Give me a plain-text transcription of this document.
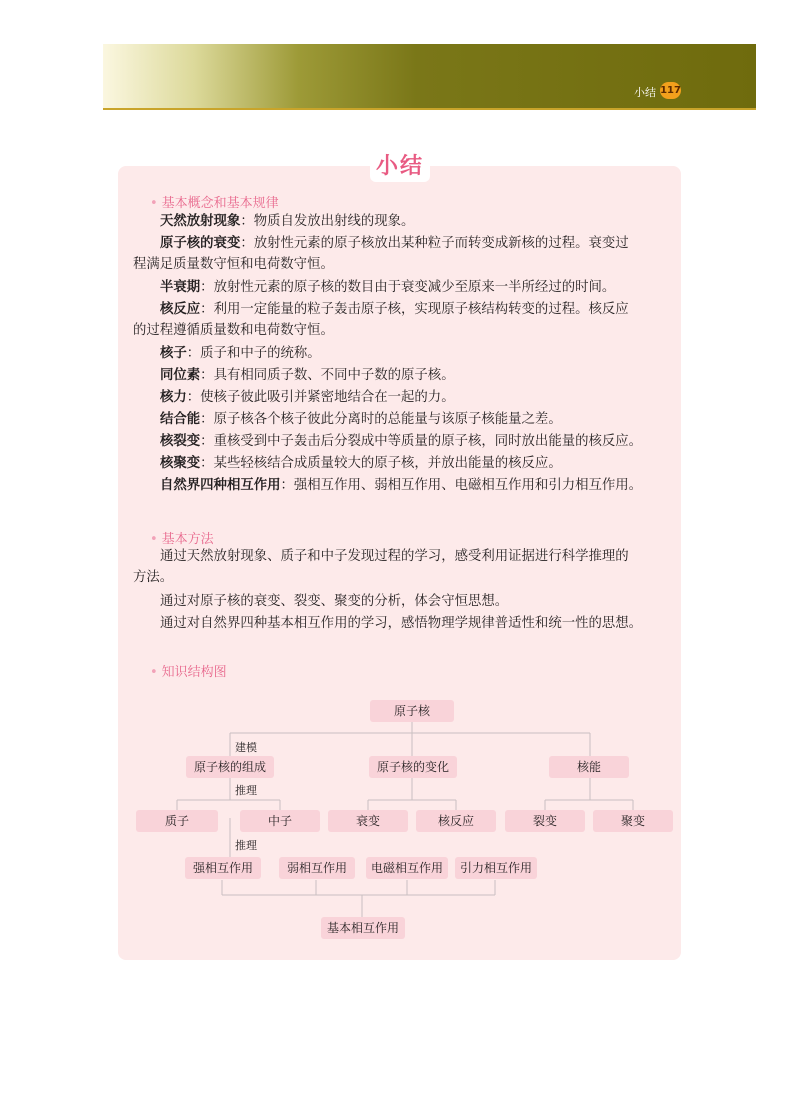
小结 117
小结
• 基本概念和基本规律
天然放射现象：物质自发放出射线的现象。
原子核的衰变：放射性元素的原子核放出某种粒子而转变成新核的过程。衰变过
程满足质量数守恒和电荷数守恒。
半衰期：放射性元素的原子核的数目由于衰变减少至原来一半所经过的时间。
核反应：利用一定能量的粒子轰击原子核，实现原子核结构转变的过程。核反应
的过程遵循质量数和电荷数守恒。
核子：质子和中子的统称。
同位素：具有相同质子数、不同中子数的原子核。
核力：使核子彼此吸引并紧密地结合在一起的力。
结合能：原子核各个核子彼此分离时的总能量与该原子核能量之差。
核裂变：重核受到中子轰击后分裂成中等质量的原子核，同时放出能量的核反应。
核聚变：某些轻核结合成质量较大的原子核，并放出能量的核反应。
自然界四种相互作用：强相互作用、弱相互作用、电磁相互作用和引力相互作用。
• 基本方法
通过天然放射现象、质子和中子发现过程的学习，感受利用证据进行科学推理的
方法。
通过对原子核的衰变、裂变、聚变的分析，体会守恒思想。
通过对自然界四种基本相互作用的学习，感悟物理学规律普适性和统一性的思想。
• 知识结构图
原子核
建模
原子核的组成	原子核的变化	核能
推理
质子	中子	衰变	核反应	裂变	聚变
推理
强相互作用	弱相互作用	电磁相互作用	引力相互作用
基本相互作用
